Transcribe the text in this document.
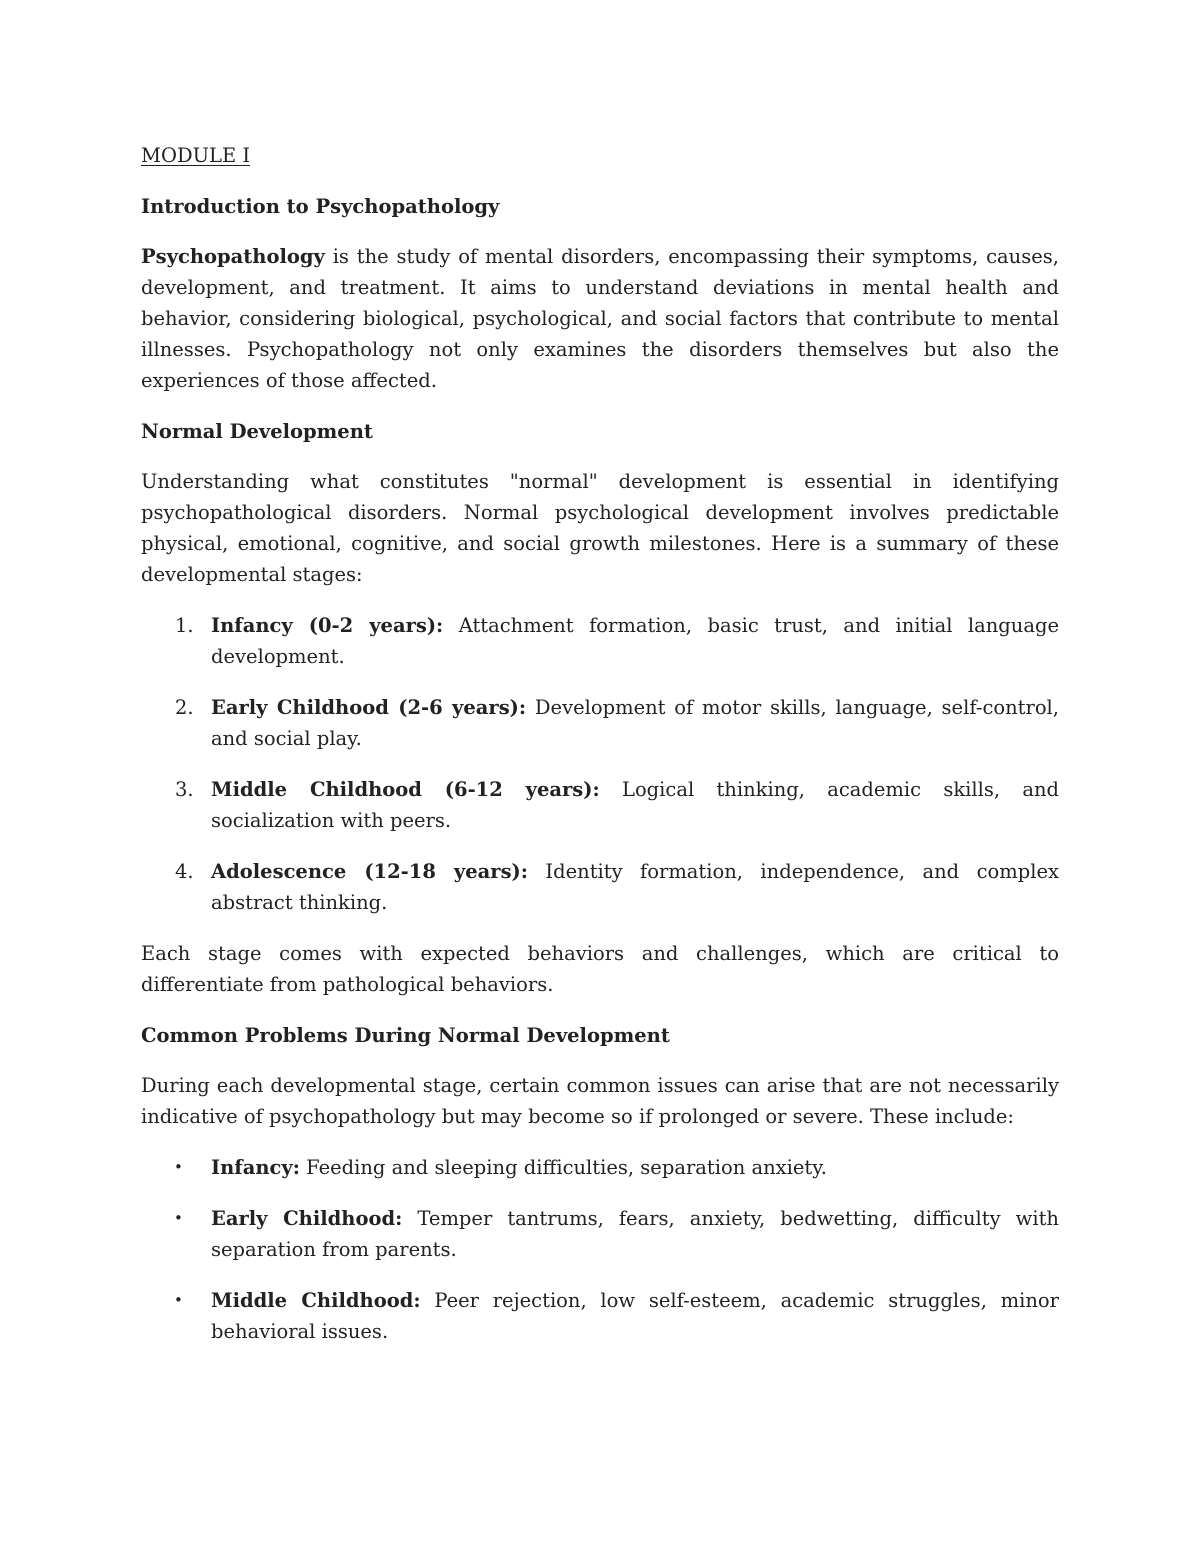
MODULE I
Introduction to Psychopathology

Psychopathology is the study of mental disorders, encompassing their symptoms, causes, development, and treatment. It aims to understand deviations in mental health and behavior, considering biological, psychological, and social factors that contribute to mental illnesses. Psychopathology not only examines the disorders themselves but also the experiences of those affected.

Normal Development

Understanding what constitutes "normal" development is essential in identifying psychopathological disorders. Normal psychological development involves predictable physical, emotional, cognitive, and social growth milestones. Here is a summary of these developmental stages:

1. Infancy (0-2 years): Attachment formation, basic trust, and initial language development.
2. Early Childhood (2-6 years): Development of motor skills, language, self-control, and social play.
3. Middle Childhood (6-12 years): Logical thinking, academic skills, and socialization with peers.
4. Adolescence (12-18 years): Identity formation, independence, and complex abstract thinking.

Each stage comes with expected behaviors and challenges, which are critical to differentiate from pathological behaviors.

Common Problems During Normal Development

During each developmental stage, certain common issues can arise that are not necessarily indicative of psychopathology but may become so if prolonged or severe. These include:

• Infancy: Feeding and sleeping difficulties, separation anxiety.
• Early Childhood: Temper tantrums, fears, anxiety, bedwetting, difficulty with separation from parents.
• Middle Childhood: Peer rejection, low self-esteem, academic struggles, minor behavioral issues.
